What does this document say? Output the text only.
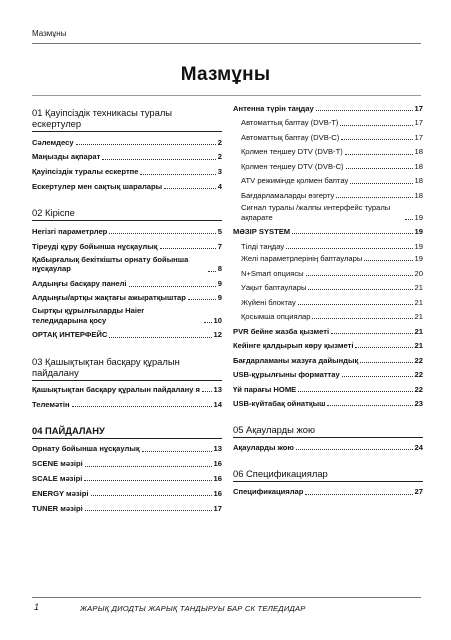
Мазмұны
Мазмұны
01 Қауіпсіздік техникасы туралы ескертулер
Сәлемдесу	2
Маңызды ақпарат	2
Қауіпсіздік туралы ескертпе	3
Ескертулер мен сақтық шаралары	4
02 Кіріспе
Негізгі параметрлер	5
Тіреуді құру бойынша нұсқаулық	7
Қабырғалық бекіткішты орнату бойынша нұсқаулар	8
Алдыңғы басқару панелі	9
Алдыңғы/артқы жақтағы ажыратқыштар	9
Сыртқы құрылғыларды Haier теледидарына қосу	10
ОРТАҚ ИНТЕРФЕЙС	12
03 Қашықтықтан басқару құралын пайдалану
Қашықтықтан басқару құралын пайдалану я 13
Телемәтін	14
04 ПАЙДАЛАНУ
Орнату бойынша нұсқаулық	13
SCENE мәзірі	16
SCALE мәзірі	16
ENERGY мәзірі	16
TUNER мәзірі	17
Антенна түрін таңдау	17
Автоматтық баптау (DVB-T)	17
Автоматтық баптау (DVB-C)	17
Қолмен теңшеу DTV (DVB-T)	18
Қолмен теңшеу DTV (DVB-C)	18
ATV режимінде қолмен баптау	18
Бағдарламаларды өзгерту	18
Сигнал туралы /жалпы интерфейс туралы ақпарате	19
МӘЗІР SYSTEM	19
Тілді таңдау	19
Желі параметрлерінің баптаулары	19
N+Smart опциясы	20
Уақыт баптаулары	21
Жүйені блоктау	21
Қосымша опциялар	21
PVR бейне жазба қызметі	21
Кейінге қалдырып көру қызметі	21
Бағдарламаны жазуға дайындық	22
USB-құрылғыны форматтау	22
Үй парағы HOME	22
USB-күйтабақ ойнатқыш	23
05 Ақауларды жою
Ақауларды жою	24
06 Спецификациялар
Спецификациялар	27
1	ЖАРЫҚ ДИОДТЫ ЖАРЫҚ ТАНДЫРУЫ БАР СК ТЕЛЕДИДАР
